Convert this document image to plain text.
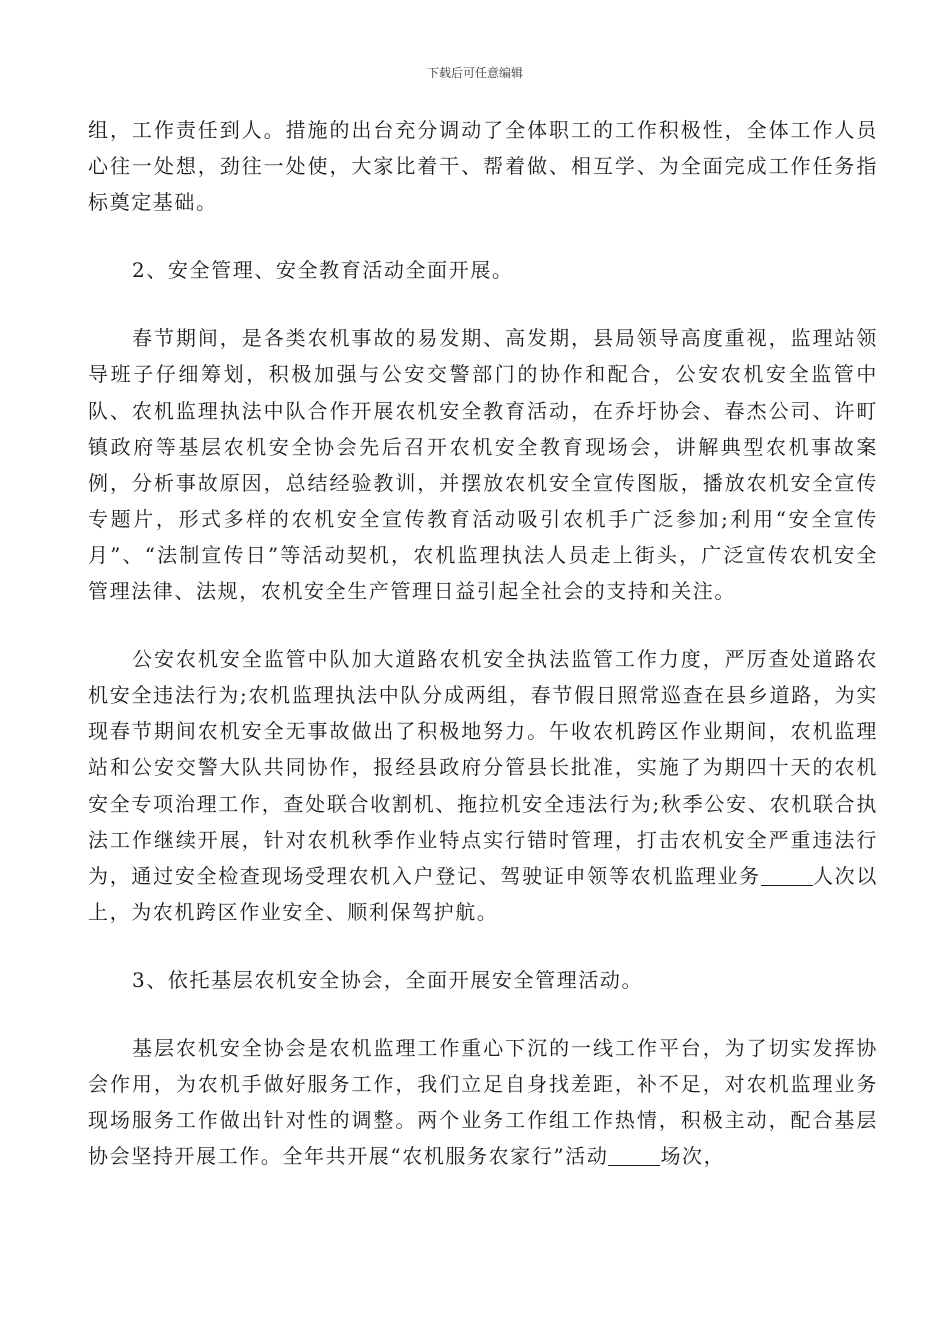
下载后可任意编辑

组，工作责任到人。措施的出台充分调动了全体职工的工作积极性，全体工作人员心往一处想，劲往一处使，大家比着干、帮着做、相互学、为全面完成工作任务指标奠定基础。

2、安全管理、安全教育活动全面开展。

春节期间，是各类农机事故的易发期、高发期，县局领导高度重视，监理站领导班子仔细筹划，积极加强与公安交警部门的协作和配合，公安农机安全监管中队、农机监理执法中队合作开展农机安全教育活动，在乔圩协会、春杰公司、许町镇政府等基层农机安全协会先后召开农机安全教育现场会，讲解典型农机事故案例，分析事故原因，总结经验教训，并摆放农机安全宣传图版，播放农机安全宣传专题片，形式多样的农机安全宣传教育活动吸引农机手广泛参加;利用“安全宣传月”、“法制宣传日”等活动契机，农机监理执法人员走上街头，广泛宣传农机安全管理法律、法规，农机安全生产管理日益引起全社会的支持和关注。

公安农机安全监管中队加大道路农机安全执法监管工作力度，严厉查处道路农机安全违法行为;农机监理执法中队分成两组，春节假日照常巡查在县乡道路，为实现春节期间农机安全无事故做出了积极地努力。午收农机跨区作业期间，农机监理站和公安交警大队共同协作，报经县政府分管县长批准，实施了为期四十天的农机安全专项治理工作，查处联合收割机、拖拉机安全违法行为;秋季公安、农机联合执法工作继续开展，针对农机秋季作业特点实行错时管理，打击农机安全严重违法行为，通过安全检查现场受理农机入户登记、驾驶证申领等农机监理业务	人次以上，为农机跨区作业安全、顺利保驾护航。

3、依托基层农机安全协会，全面开展安全管理活动。

基层农机安全协会是农机监理工作重心下沉的一线工作平台，为了切实发挥协会作用，为农机手做好服务工作，我们立足自身找差距，补不足，对农机监理业务现场服务工作做出针对性的调整。两个业务工作组工作热情，积极主动，配合基层协会坚持开展工作。全年共开展“农机服务农家行”活动	场次，
